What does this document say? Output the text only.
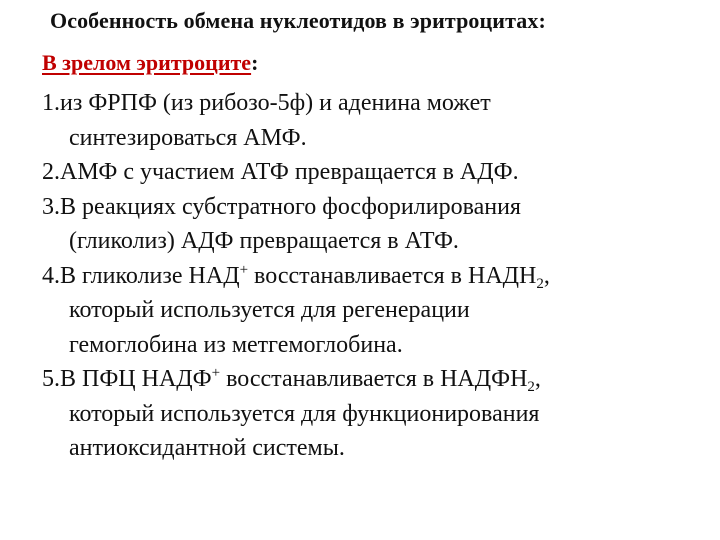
Особенность обмена нуклеотидов в эритроцитах:
В зрелом эритроците:

1.из ФРПФ (из рибозо-5ф) и аденина может
синтезироваться АМФ.

2.АМФ с участием АТФ превращается в АДФ.

3.В реакциях субстратного фосфорилирования
(гликолиз) АДФ превращается в АТФ.

4.В гликолизе НАД+ восстанавливается в $НАДН_2$,
который используется для регенерации
гемоглобина из метгемоглобина.

5.В ПФЦ НАДФ+ восстанавливается в $НАДФН_2$,
который используется для функционирования
антиоксидантной системы.
